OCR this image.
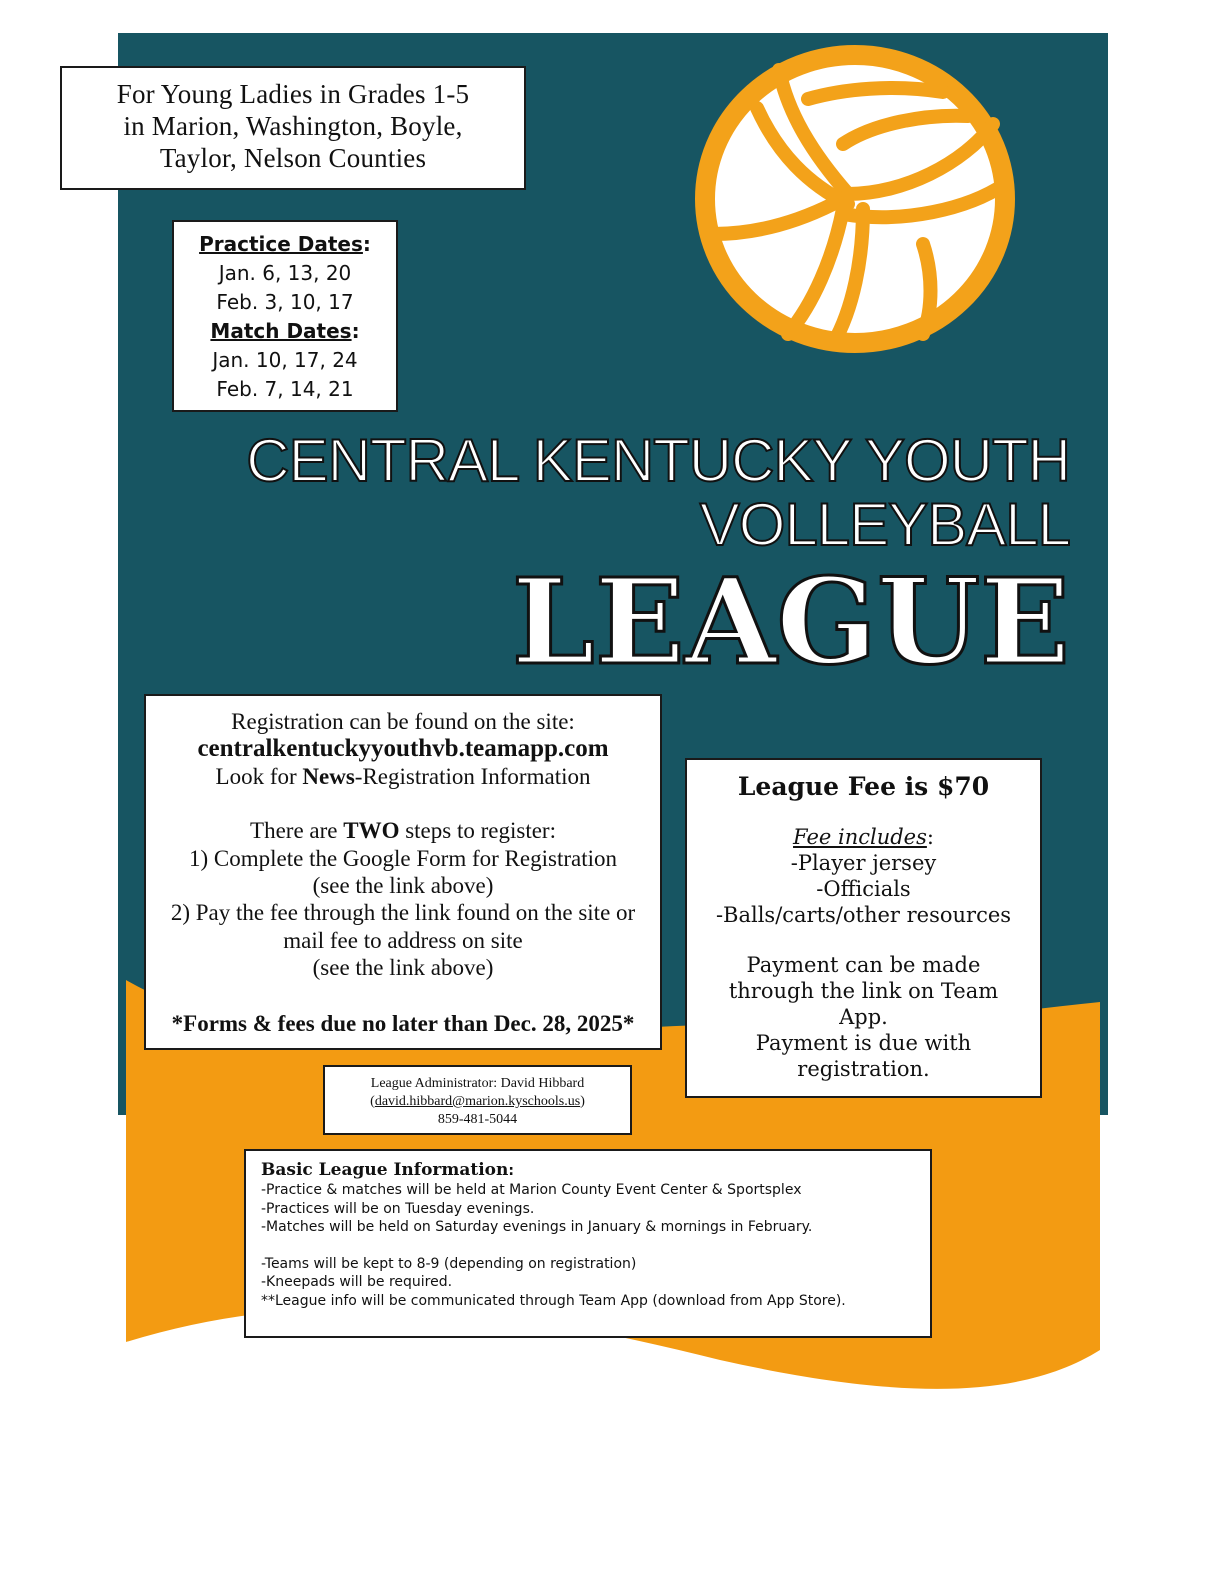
For Young Ladies in Grades 1-5
in Marion, Washington, Boyle,
Taylor, Nelson Counties
Practice Dates:
Jan. 6, 13, 20
Feb. 3, 10, 17
Match Dates:
Jan. 10, 17, 24
Feb. 7, 14, 21
CENTRAL KENTUCKY YOUTH
VOLLEYBALL
LEAGUE
Registration can be found on the site:
centralkentuckyyouthvb.teamapp.com
Look for News-Registration Information
There are TWO steps to register:
1) Complete the Google Form for Registration
(see the link above)
2) Pay the fee through the link found on the site or
mail fee to address on site
(see the link above)
*Forms & fees due no later than Dec. 28, 2025*
League Fee is $70
Fee includes:
-Player jersey
-Officials
-Balls/carts/other resources
Payment can be made
through the link on Team
App.
Payment is due with
registration.
League Administrator: David Hibbard
(david.hibbard@marion.kyschools.us)
859-481-5044
Basic League Information:
-Practice & matches will be held at Marion County Event Center & Sportsplex
-Practices will be on Tuesday evenings.
-Matches will be held on Saturday evenings in January & mornings in February.
-Teams will be kept to 8-9 (depending on registration)
-Kneepads will be required.
**League info will be communicated through Team App (download from App Store).
